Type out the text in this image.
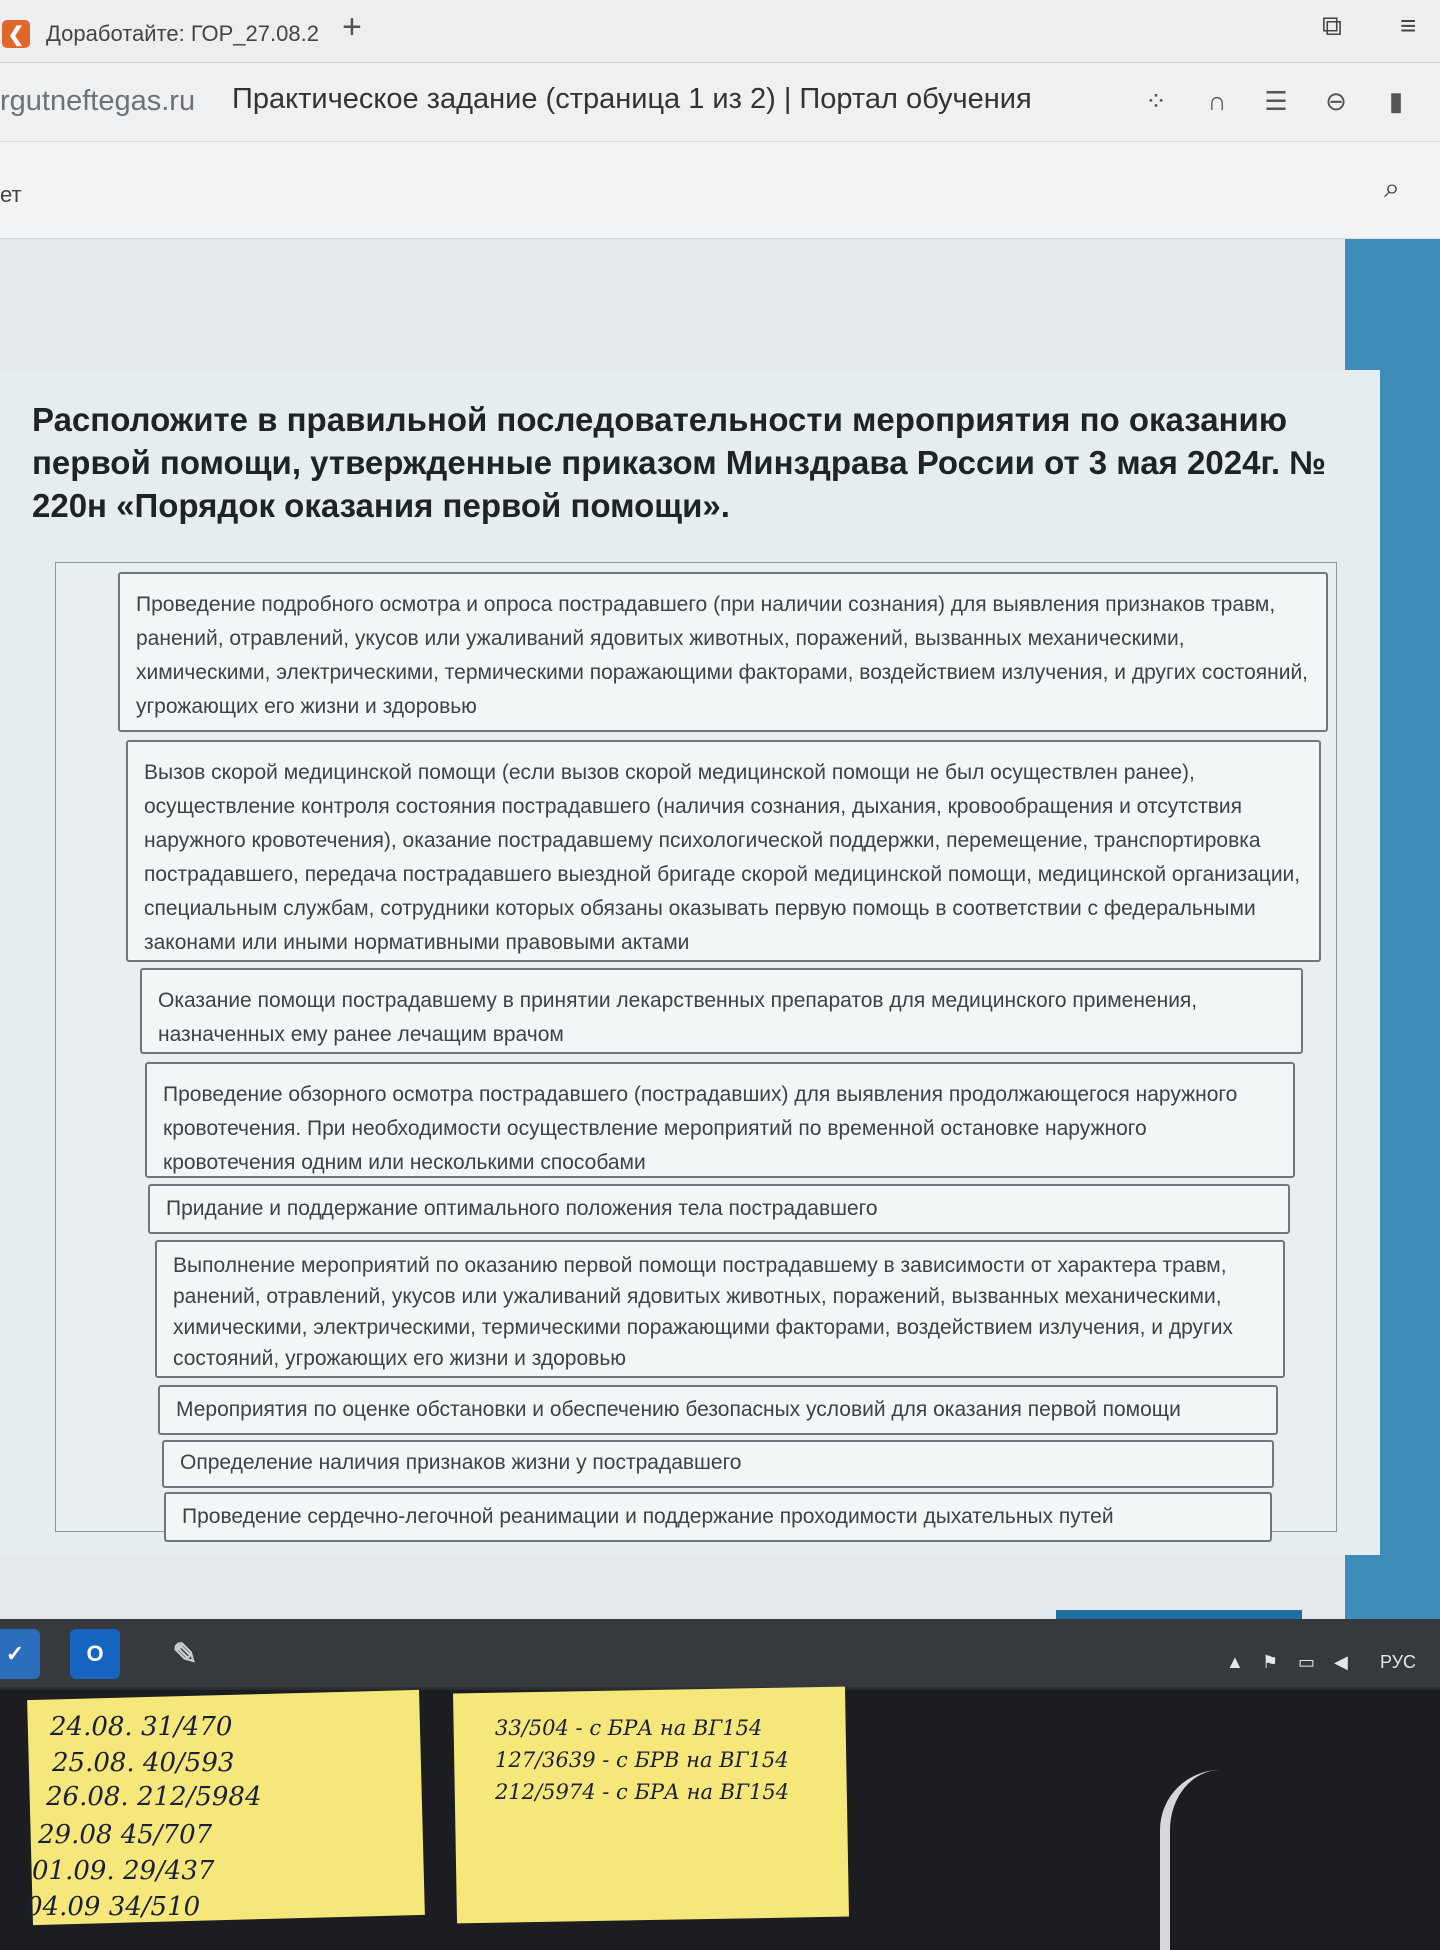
❮ Доработайте: ГОР_27.08.2 +	⧉ ≡
rgutneftegas.ru Практическое задание (страница 1 из 2) | Портал обучения	⁘	∩	☰	⊖	▮
ет	⌕

Расположите в правильной последовательности мероприятия по оказанию первой помощи, утвержденные приказом Минздрава России от 3 мая 2024г. № 220н «Порядок оказания первой помощи».

Проведение подробного осмотра и опроса пострадавшего (при наличии сознания) для выявления признаков травм, ранений, отравлений, укусов или ужаливаний ядовитых животных, поражений, вызванных механическими, химическими, электрическими, термическими поражающими факторами, воздействием излучения, и других состояний, угрожающих его жизни и здоровью
Вызов скорой медицинской помощи (если вызов скорой медицинской помощи не был осуществлен ранее), осуществление контроля состояния пострадавшего (наличия сознания, дыхания, кровообращения и отсутствия наружного кровотечения), оказание пострадавшему психологической поддержки, перемещение, транспортировка пострадавшего, передача пострадавшего выездной бригаде скорой медицинской помощи, медицинской организации, специальным службам, сотрудники которых обязаны оказывать первую помощь в соответствии с федеральными законами или иными нормативными правовыми актами
Оказание помощи пострадавшему в принятии лекарственных препаратов для медицинского применения, назначенных ему ранее лечащим врачом
Проведение обзорного осмотра пострадавшего (пострадавших) для выявления продолжающегося наружного кровотечения. При необходимости осуществление мероприятий по временной остановке наружного кровотечения одним или несколькими способами
Придание и поддержание оптимального положения тела пострадавшего
Выполнение мероприятий по оказанию первой помощи пострадавшему в зависимости от характера травм, ранений, отравлений, укусов или ужаливаний ядовитых животных, поражений, вызванных механическими, химическими, электрическими, термическими поражающими факторами, воздействием излучения, и других состояний, угрожающих его жизни и здоровью
Мероприятия по оценке обстановки и обеспечению безопасных условий для оказания первой помощи
Определение наличия признаков жизни у пострадавшего
Проведение сердечно-легочной реанимации и поддержание проходимости дыхательных путей
✓	O	✎	▲ ⚑ ▭ ◀ РУС
24.08. 31/470
25.08. 40/593
26.08. 212/5984
29.08 45/707
01.09. 29/437
04.09 34/510
33/504 - с БРА на ВГ154
127/3639 - с БРВ на ВГ154
212/5974 - с БРА на ВГ154
